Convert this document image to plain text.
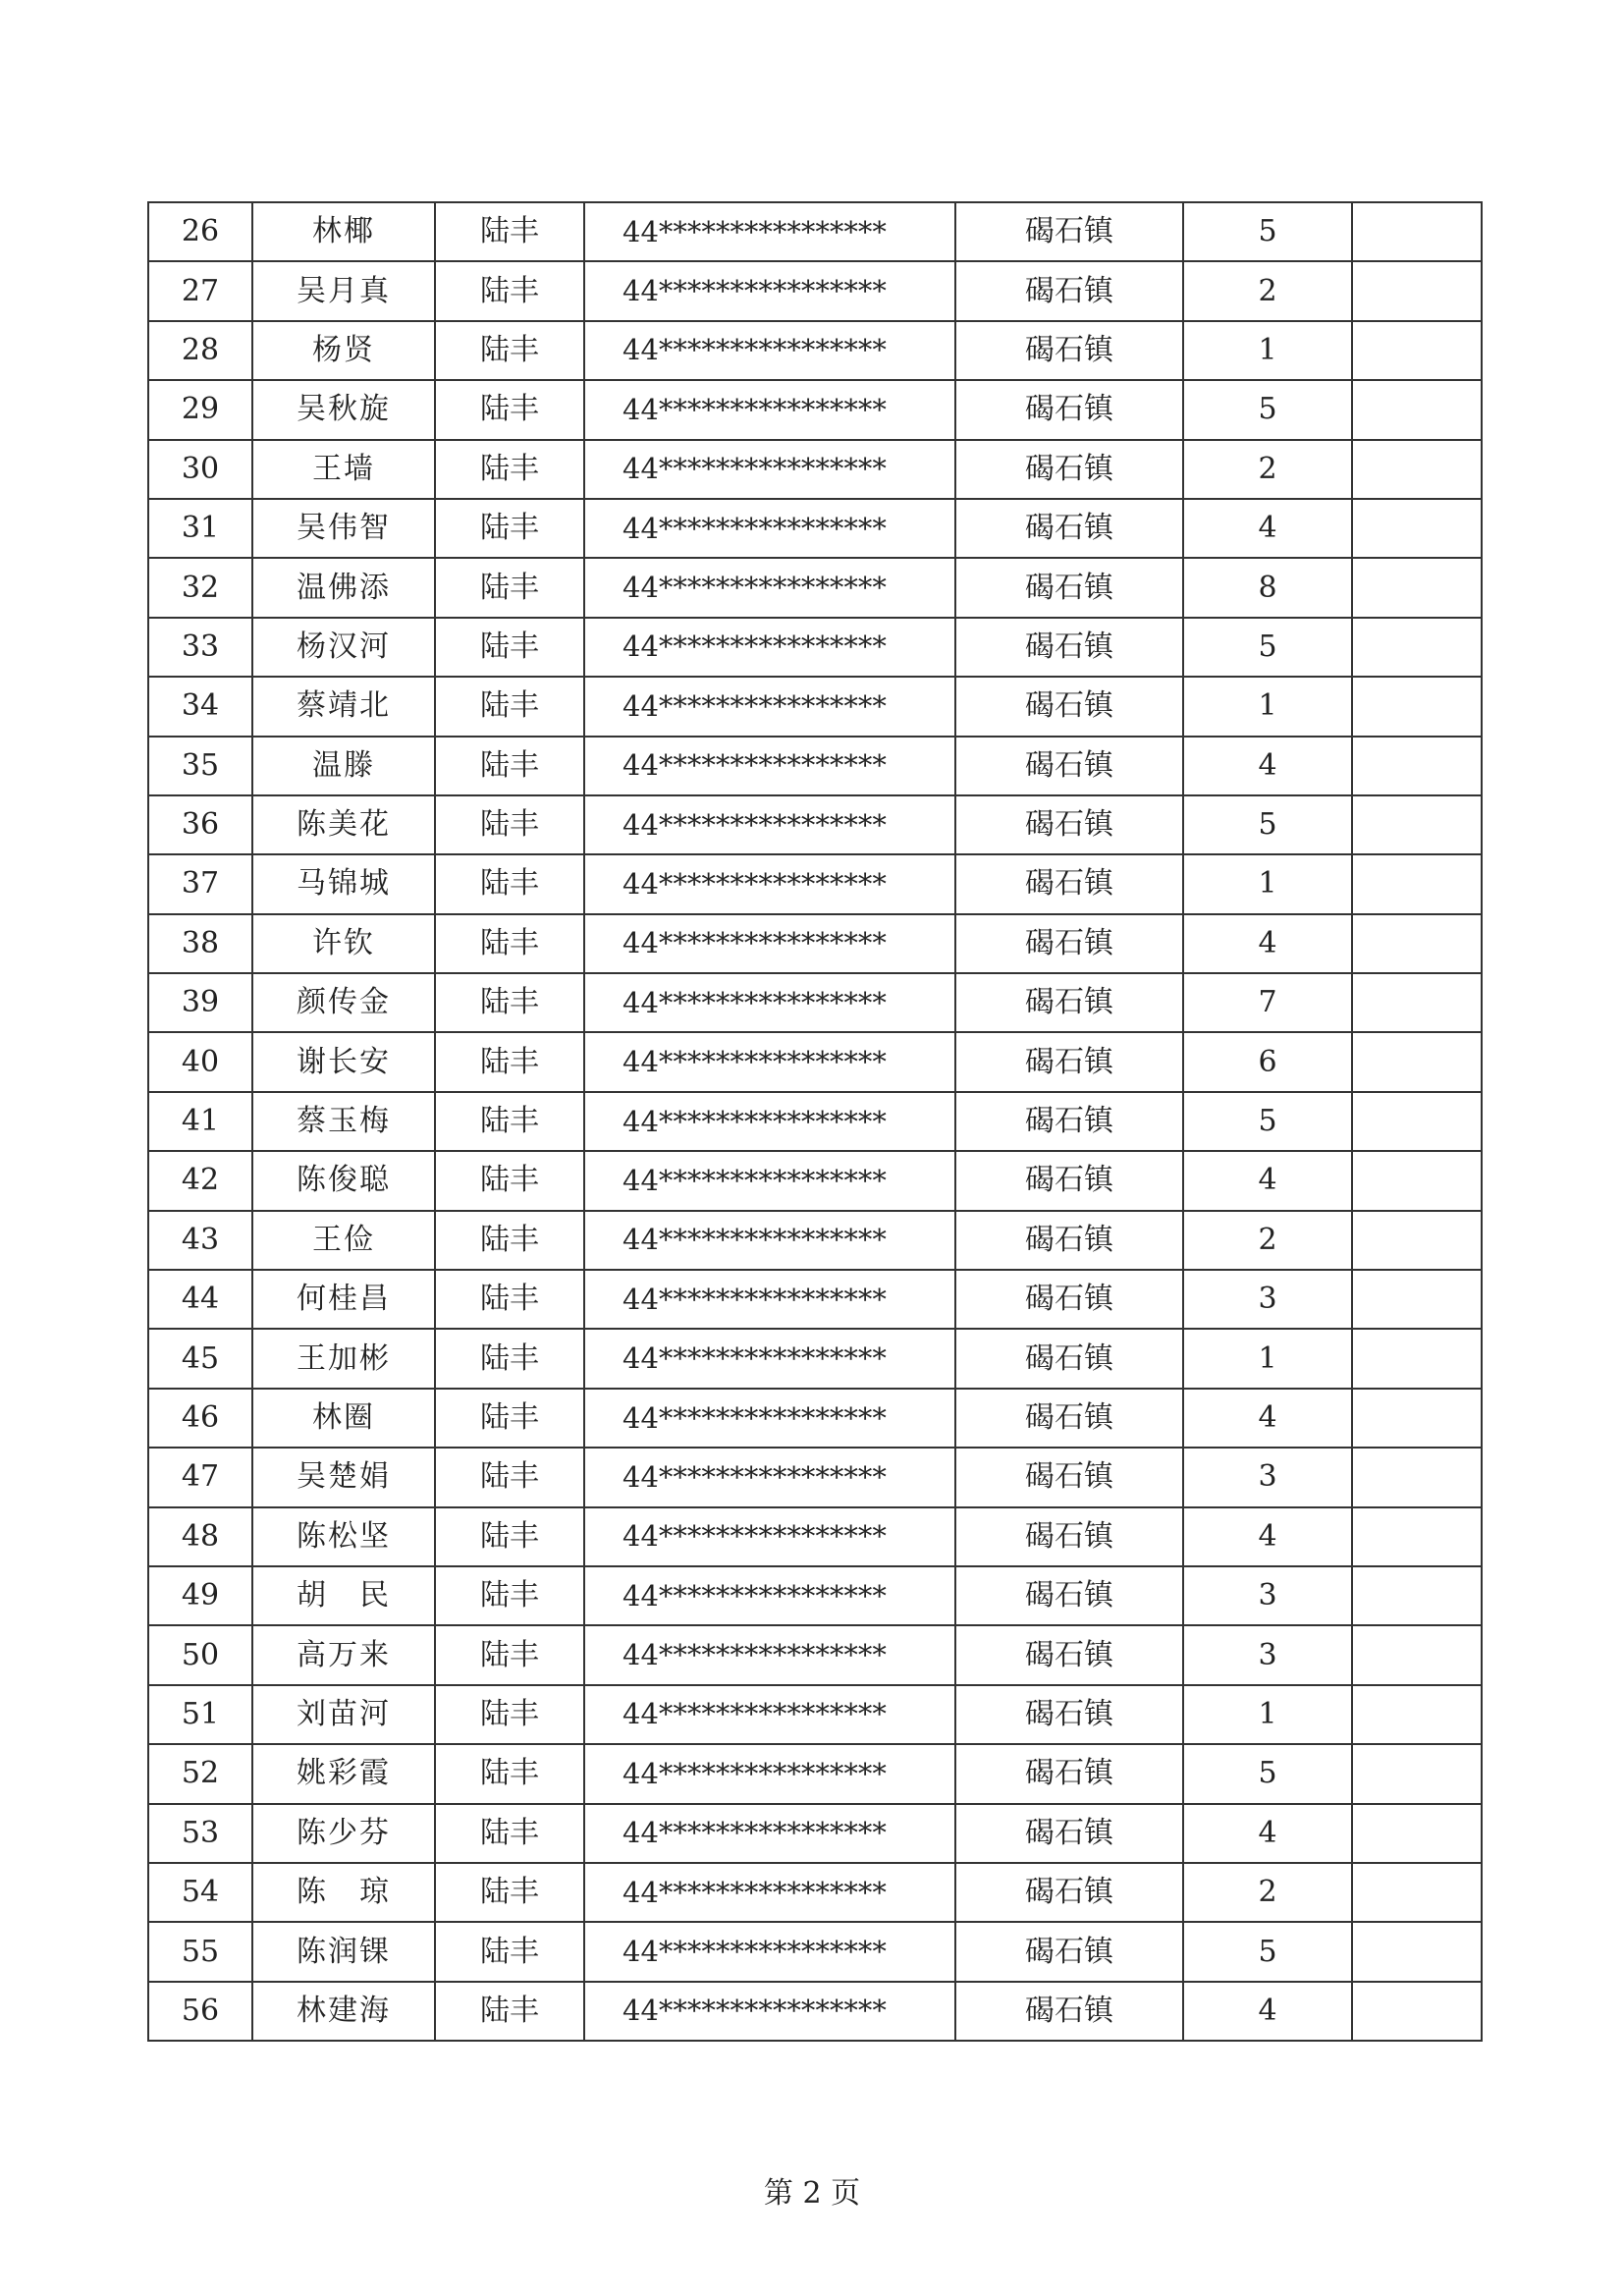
26	林椰	陆丰	44****************	碣石镇	5	
27	吴月真	陆丰	44****************	碣石镇	2	
28	杨贤	陆丰	44****************	碣石镇	1	
29	吴秋旋	陆丰	44****************	碣石镇	5	
30	王墙	陆丰	44****************	碣石镇	2	
31	吴伟智	陆丰	44****************	碣石镇	4	
32	温佛添	陆丰	44****************	碣石镇	8	
33	杨汉河	陆丰	44****************	碣石镇	5	
34	蔡靖北	陆丰	44****************	碣石镇	1	
35	温滕	陆丰	44****************	碣石镇	4	
36	陈美花	陆丰	44****************	碣石镇	5	
37	马锦城	陆丰	44****************	碣石镇	1	
38	许钦	陆丰	44****************	碣石镇	4	
39	颜传金	陆丰	44****************	碣石镇	7	
40	谢长安	陆丰	44****************	碣石镇	6	
41	蔡玉梅	陆丰	44****************	碣石镇	5	
42	陈俊聪	陆丰	44****************	碣石镇	4	
43	王俭	陆丰	44****************	碣石镇	2	
44	何桂昌	陆丰	44****************	碣石镇	3	
45	王加彬	陆丰	44****************	碣石镇	1	
46	林圈	陆丰	44****************	碣石镇	4	
47	吴楚娟	陆丰	44****************	碣石镇	3	
48	陈松坚	陆丰	44****************	碣石镇	4	
49	胡　民	陆丰	44****************	碣石镇	3	
50	高万来	陆丰	44****************	碣石镇	3	
51	刘苗河	陆丰	44****************	碣石镇	1	
52	姚彩霞	陆丰	44****************	碣石镇	5	
53	陈少芬	陆丰	44****************	碣石镇	4	
54	陈　琼	陆丰	44****************	碣石镇	2	
55	陈润锞	陆丰	44****************	碣石镇	5	
56	林建海	陆丰	44****************	碣石镇	4	
第 2 页
